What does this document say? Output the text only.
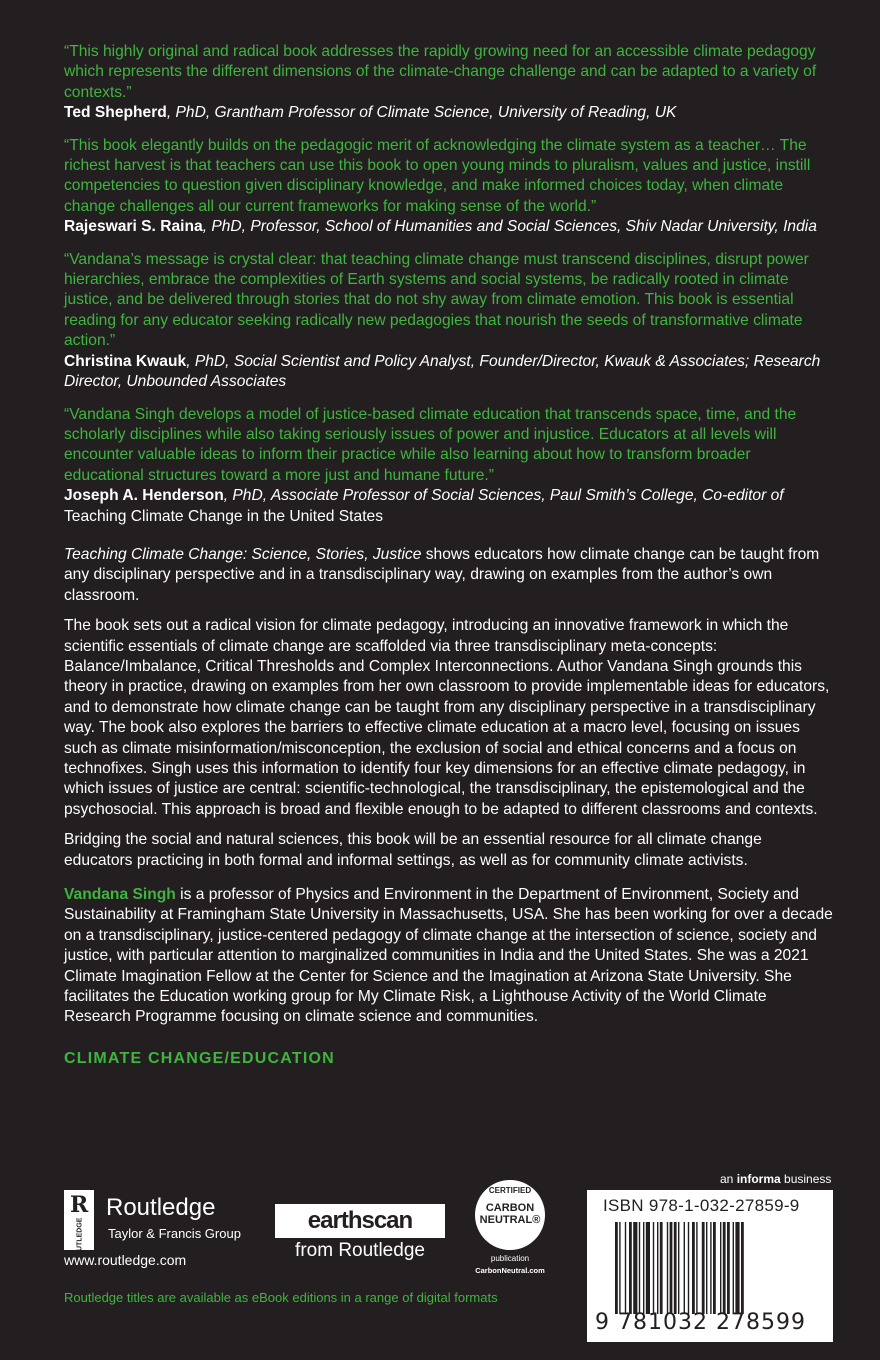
“This highly original and radical book addresses the rapidly growing need for an accessible climate pedagogy which represents the different dimensions of the climate-change challenge and can be adapted to a variety of contexts.”
Ted Shepherd, PhD, Grantham Professor of Climate Science, University of Reading, UK
“This book elegantly builds on the pedagogic merit of acknowledging the climate system as a teacher… The richest harvest is that teachers can use this book to open young minds to pluralism, values and justice, instill competencies to question given disciplinary knowledge, and make informed choices today, when climate change challenges all our current frameworks for making sense of the world.”
Rajeswari S. Raina, PhD, Professor, School of Humanities and Social Sciences, Shiv Nadar University, India
“Vandana’s message is crystal clear: that teaching climate change must transcend disciplines, disrupt power hierarchies, embrace the complexities of Earth systems and social systems, be radically rooted in climate justice, and be delivered through stories that do not shy away from climate emotion. This book is essential reading for any educator seeking radically new pedagogies that nourish the seeds of transformative climate action.”
Christina Kwauk, PhD, Social Scientist and Policy Analyst, Founder/Director, Kwauk & Associates; Research Director, Unbounded Associates
“Vandana Singh develops a model of justice-based climate education that transcends space, time, and the scholarly disciplines while also taking seriously issues of power and injustice. Educators at all levels will encounter valuable ideas to inform their practice while also learning about how to transform broader educational structures toward a more just and humane future.”
Joseph A. Henderson, PhD, Associate Professor of Social Sciences, Paul Smith’s College, Co-editor of Teaching Climate Change in the United States
Teaching Climate Change: Science, Stories, Justice shows educators how climate change can be taught from any disciplinary perspective and in a transdisciplinary way, drawing on examples from the author’s own classroom.
The book sets out a radical vision for climate pedagogy, introducing an innovative framework in which the scientific essentials of climate change are scaffolded via three transdisciplinary meta-concepts: Balance/Imbalance, Critical Thresholds and Complex Interconnections. Author Vandana Singh grounds this theory in practice, drawing on examples from her own classroom to provide implementable ideas for educators, and to demonstrate how climate change can be taught from any disciplinary perspective in a transdisciplinary way. The book also explores the barriers to effective climate education at a macro level, focusing on issues such as climate misinformation/misconception, the exclusion of social and ethical concerns and a focus on technofixes. Singh uses this information to identify four key dimensions for an effective climate pedagogy, in which issues of justice are central: scientific-technological, the transdisciplinary, the epistemological and the psychosocial. This approach is broad and flexible enough to be adapted to different classrooms and contexts.
Bridging the social and natural sciences, this book will be an essential resource for all climate change educators practicing in both formal and informal settings, as well as for community climate activists.
Vandana Singh is a professor of Physics and Environment in the Department of Environment, Society and Sustainability at Framingham State University in Massachusetts, USA. She has been working for over a decade on a transdisciplinary, justice-centered pedagogy of climate change at the intersection of science, society and justice, with particular attention to marginalized communities in India and the United States. She was a 2021 Climate Imagination Fellow at the Center for Science and the Imagination at Arizona State University. She facilitates the Education working group for My Climate Risk, a Lighthouse Activity of the World Climate Research Programme focusing on climate science and communities.
CLIMATE CHANGE/EDUCATION
R
ROUTLEDGE
Routledge
Taylor & Francis Group
www.routledge.com
earthscan
from Routledge
CERTIFIED
CARBON
NEUTRAL®
publication
CarbonNeutral.com
an informa business
ISBN 978-1-032-27859-9
9 781032 278599
Routledge titles are available as eBook editions in a range of digital formats
